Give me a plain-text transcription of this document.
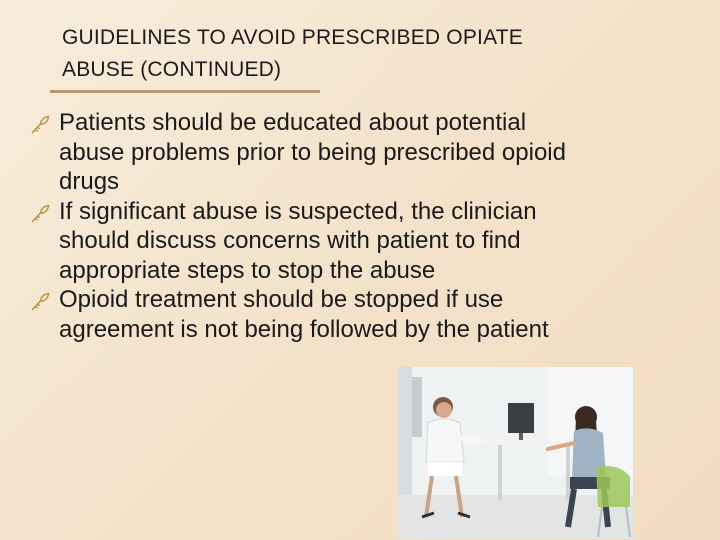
GUIDELINES TO AVOID PRESCRIBED OPIATE
ABUSE (CONTINUED)
Patients should be educated about potential
abuse problems prior to being prescribed opioid
drugs
If significant abuse is suspected, the clinician
should discuss concerns with patient to find
appropriate steps to stop the abuse
Opioid treatment should be stopped if use
agreement is not being followed by the patient
